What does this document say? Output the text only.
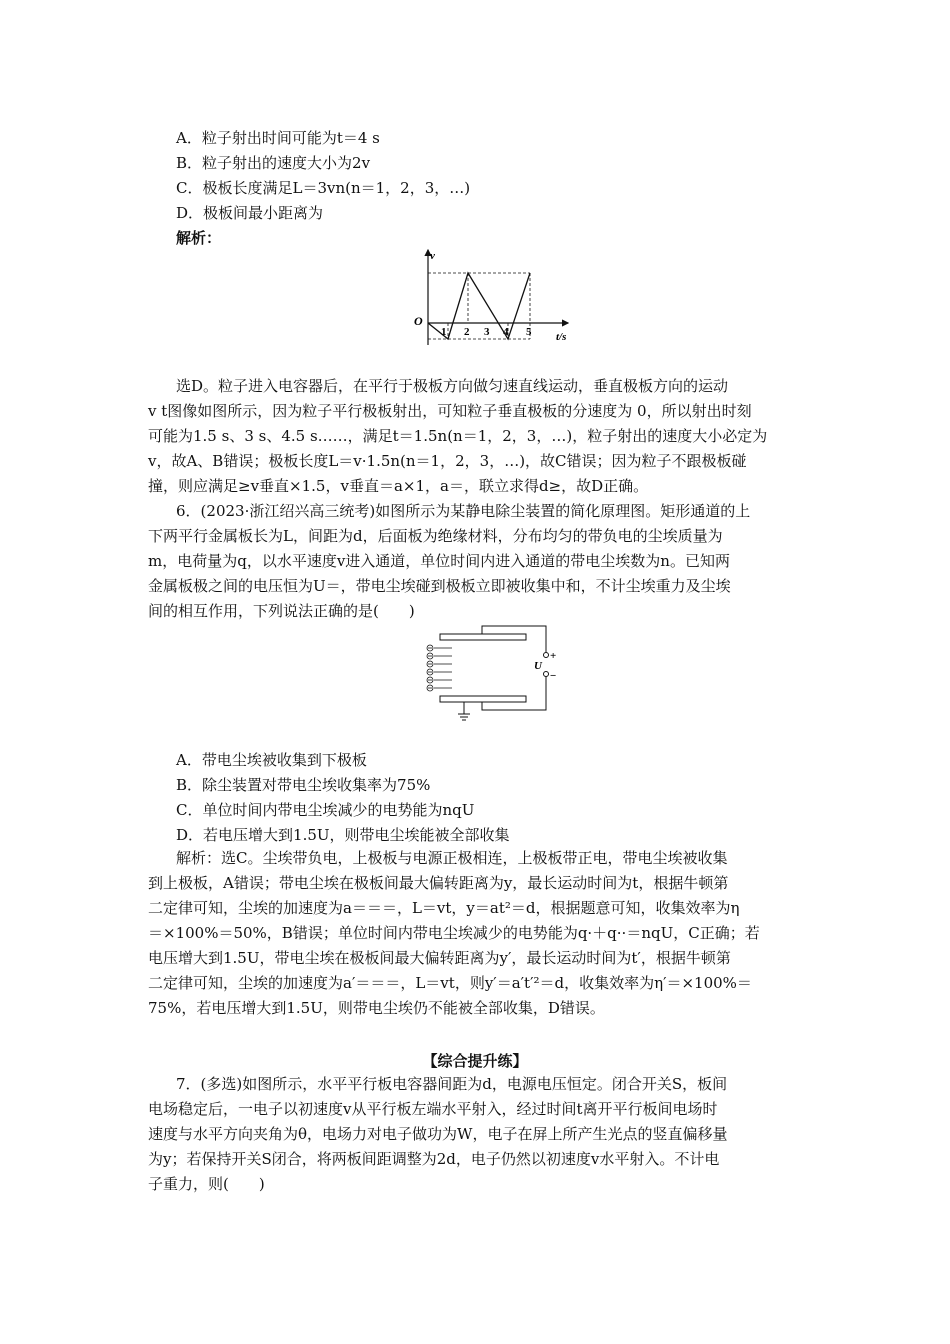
A．粒子射出时间可能为t＝4 s
B．粒子射出的速度大小为2v
C．极板长度满足L＝3vn(n＝1，2，3，…)
D．极板间最小距离为
解析：
v
t/s
O
1 2 3 4 5

选D。粒子进入电容器后，在平行于极板方向做匀速直线运动，垂直极板方向的运动

v t图像如图所示，因为粒子平行极板射出，可知粒子垂直极板的分速度为 0，所以射出时刻

可能为1.5 s、3 s、4.5 s……，满足t＝1.5n(n＝1，2，3，…)，粒子射出的速度大小必定为

v，故A、B错误；极板长度L＝v·1.5n(n＝1，2，3，…)，故C错误；因为粒子不跟极板碰

撞，则应满足≥v垂直×1.5，v垂直＝a×1，a＝，联立求得d≥，故D正确。

6．(2023·浙江绍兴高三统考)如图所示为某静电除尘装置的简化原理图。矩形通道的上

下两平行金属板长为L，间距为d，后面板为绝缘材料，分布均匀的带负电的尘埃质量为

m，电荷量为q，以水平速度v进入通道，单位时间内进入通道的带电尘埃数为n。已知两

金属板极之间的电压恒为U＝，带电尘埃碰到极板立即被收集中和，不计尘埃重力及尘埃

间的相互作用，下列说法正确的是(　　)

U
+
−
A．带电尘埃被收集到下极板
B．除尘装置对带电尘埃收集率为75%
C．单位时间内带电尘埃减少的电势能为nqU
D．若电压增大到1.5U，则带电尘埃能被全部收集

解析：选C。尘埃带负电，上极板与电源正极相连，上极板带正电，带电尘埃被收集

到上极板，A错误；带电尘埃在极板间最大偏转距离为y，最长运动时间为t，根据牛顿第

二定律可知，尘埃的加速度为a＝＝＝，L＝vt，y＝at²＝d，根据题意可知，收集效率为η

＝×100%＝50%，B错误；单位时间内带电尘埃减少的电势能为q·＋q··＝nqU，C正确；若

电压增大到1.5U，带电尘埃在极板间最大偏转距离为y′，最长运动时间为t′，根据牛顿第

二定律可知，尘埃的加速度为a′＝＝＝，L＝vt，则y′＝a′t′²＝d，收集效率为η′＝×100%＝

75%，若电压增大到1.5U，则带电尘埃仍不能被全部收集，D错误。

【综合提升练】

7．(多选)如图所示，水平平行板电容器间距为d，电源电压恒定。闭合开关S，板间

电场稳定后，一电子以初速度v从平行板左端水平射入，经过时间t离开平行板间电场时

速度与水平方向夹角为θ，电场力对电子做功为W，电子在屏上所产生光点的竖直偏移量

为y；若保持开关S闭合，将两板间距调整为2d，电子仍然以初速度v水平射入。不计电

子重力，则(　　)
